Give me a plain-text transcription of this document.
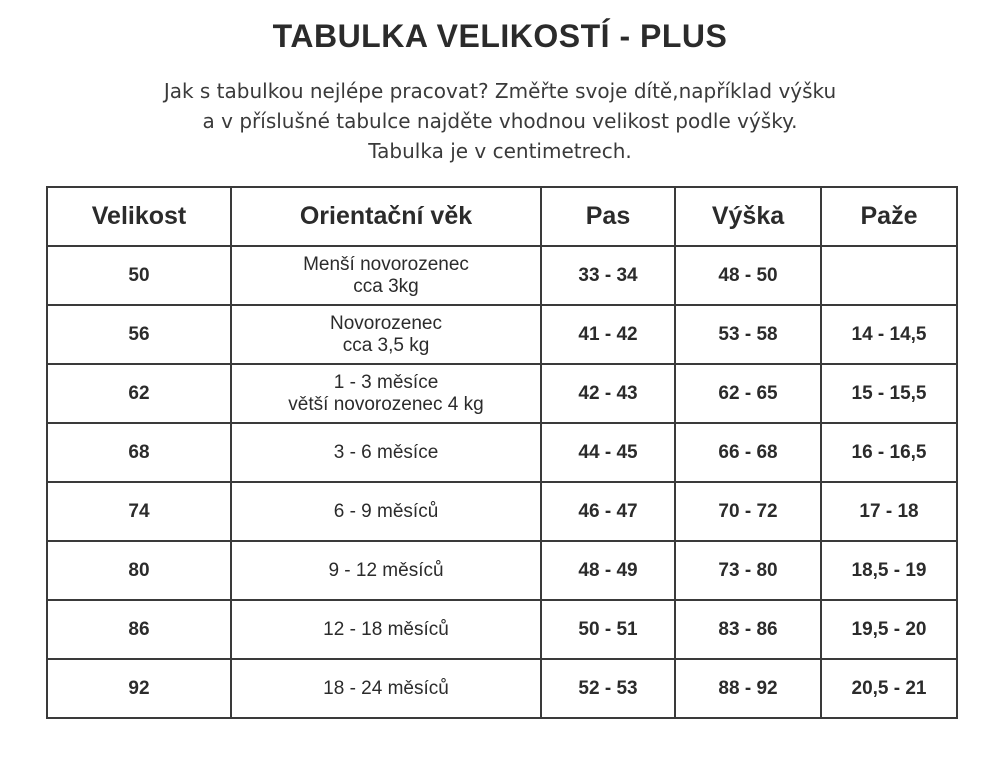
TABULKA VELIKOSTÍ - PLUS
Jak s tabulkou nejlépe pracovat? Změřte svoje dítě,například výšku
a v příslušné tabulce najděte vhodnou velikost podle výšky.
Tabulka je v centimetrech.
Velikost	Orientační věk	Pas	Výška	Paže
50	Menší novorozenec
cca 3kg	33 - 34	48 - 50	
56	Novorozenec
cca 3,5 kg	41 - 42	53 - 58	14 - 14,5
62	1 - 3 měsíce
větší novorozenec 4 kg	42 - 43	62 - 65	15 - 15,5
68	3 - 6 měsíce	44 - 45	66 - 68	16 - 16,5
74	6 - 9 měsíců	46 - 47	70 - 72	17 - 18
80	9 - 12 měsíců	48 - 49	73 - 80	18,5 - 19
86	12 - 18 měsíců	50 - 51	83 - 86	19,5 - 20
92	18 - 24 měsíců	52 - 53	88 - 92	20,5 - 21
